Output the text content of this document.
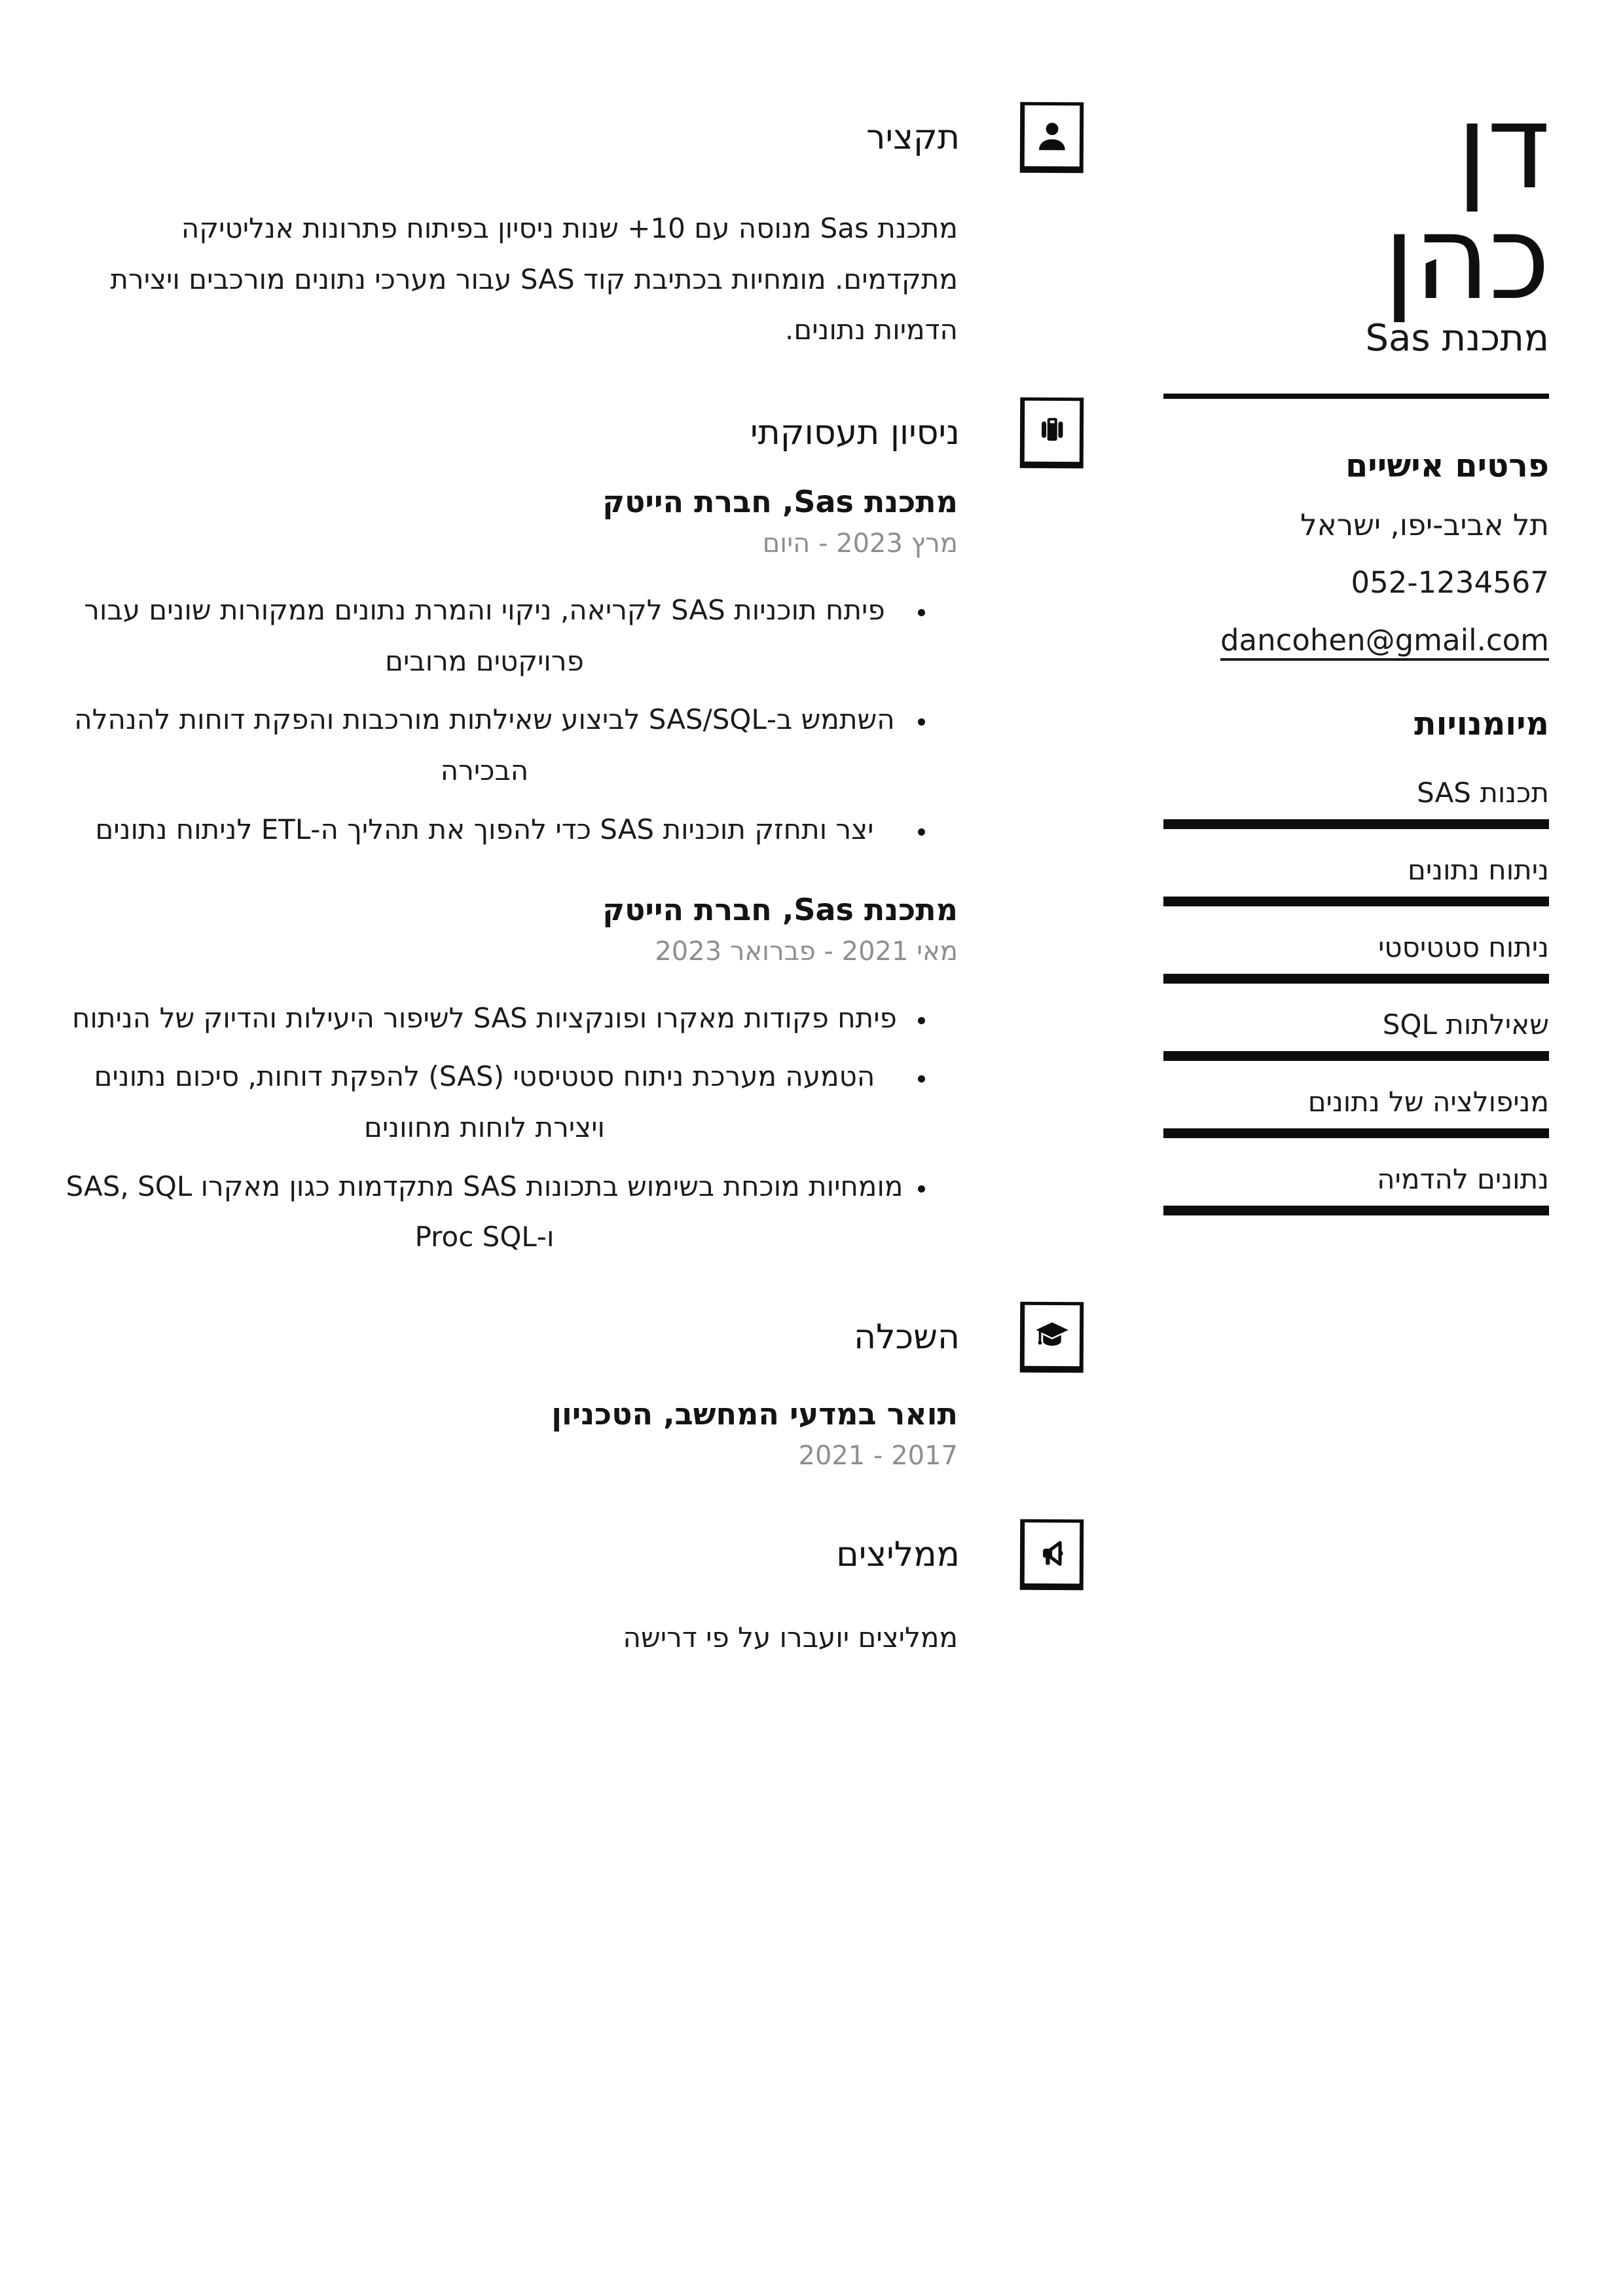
דן
כהן
מתכנת Sas
פרטים אישיים
תל אביב-יפו, ישראל
052-1234567
dancohen@gmail.com
מיומנויות
תכנות SAS
ניתוח נתונים
ניתוח סטטיסטי
שאילתות SQL
מניפולציה של נתונים
נתונים להדמיה
תקציר

מתכנת Sas מנוסה עם 10+ שנות ניסיון בפיתוח פתרונות אנליטיקה מתקדמים. מומחיות בכתיבת קוד SAS עבור מערכי נתונים מורכבים ויצירת הדמיות נתונים.

ניסיון תעסוקתי
מתכנת Sas, חברת הייטק
מרץ 2023 - היום
• פיתח תוכניות SAS לקריאה, ניקוי והמרת נתונים ממקורות שונים עבור פרויקטים מרובים
• השתמש ב-SAS/SQL לביצוע שאילתות מורכבות והפקת דוחות להנהלה הבכירה
• יצר ותחזק תוכניות SAS כדי להפוך את תהליך ה-ETL לניתוח נתונים
מתכנת Sas, חברת הייטק
מאי 2021 - פברואר 2023
• פיתח פקודות מאקרו ופונקציות SAS לשיפור היעילות והדיוק של הניתוח
• הטמעה מערכת ניתוח סטטיסטי (SAS) להפקת דוחות, סיכום נתונים ויצירת לוחות מחוונים
• מומחיות מוכחת בשימוש בתכונות SAS מתקדמות כגון מאקרו SAS, SQL ו-Proc SQL
השכלה
תואר במדעי המחשב, הטכניון
2017 - 2021
ממליצים

ממליצים יועברו על פי דרישה
